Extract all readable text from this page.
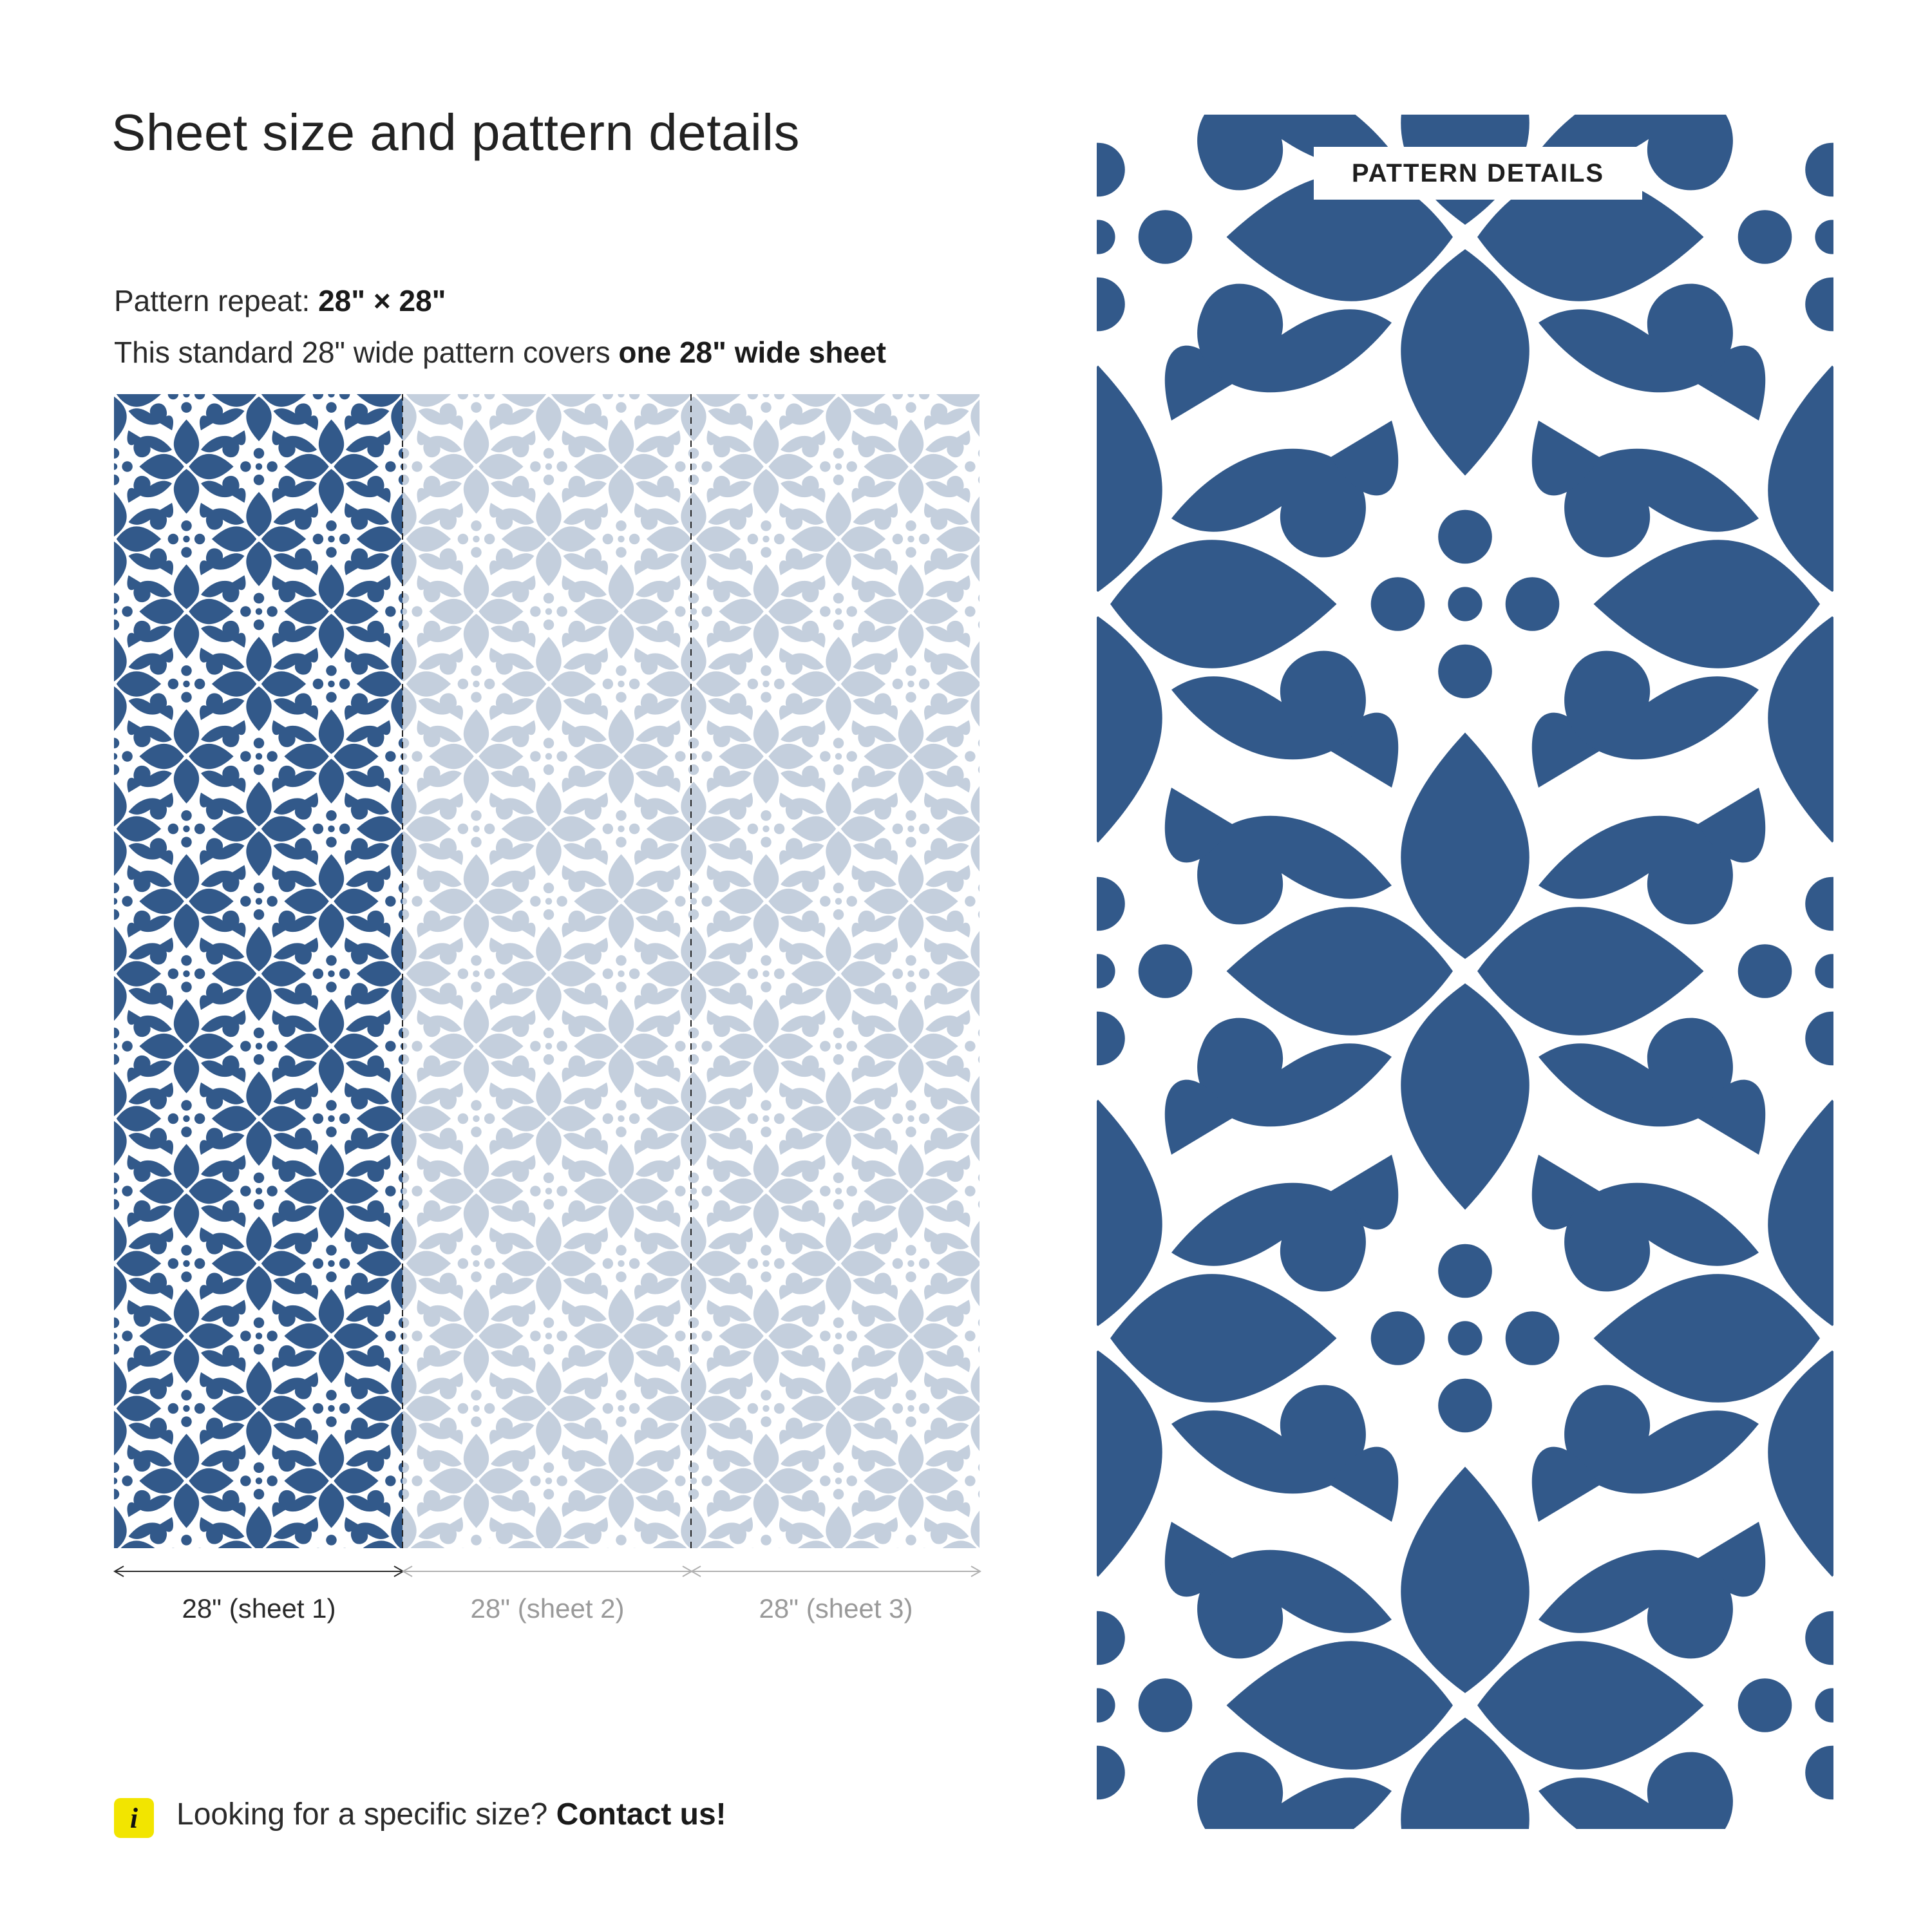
Sheet size and pattern details

Pattern repeat: 28" × 28"

This standard 28" wide pattern covers one 28" wide sheet

28" (sheet 1)	28" (sheet 2)	28" (sheet 3)
i Looking for a specific size? Contact us!

PATTERN DETAILS
